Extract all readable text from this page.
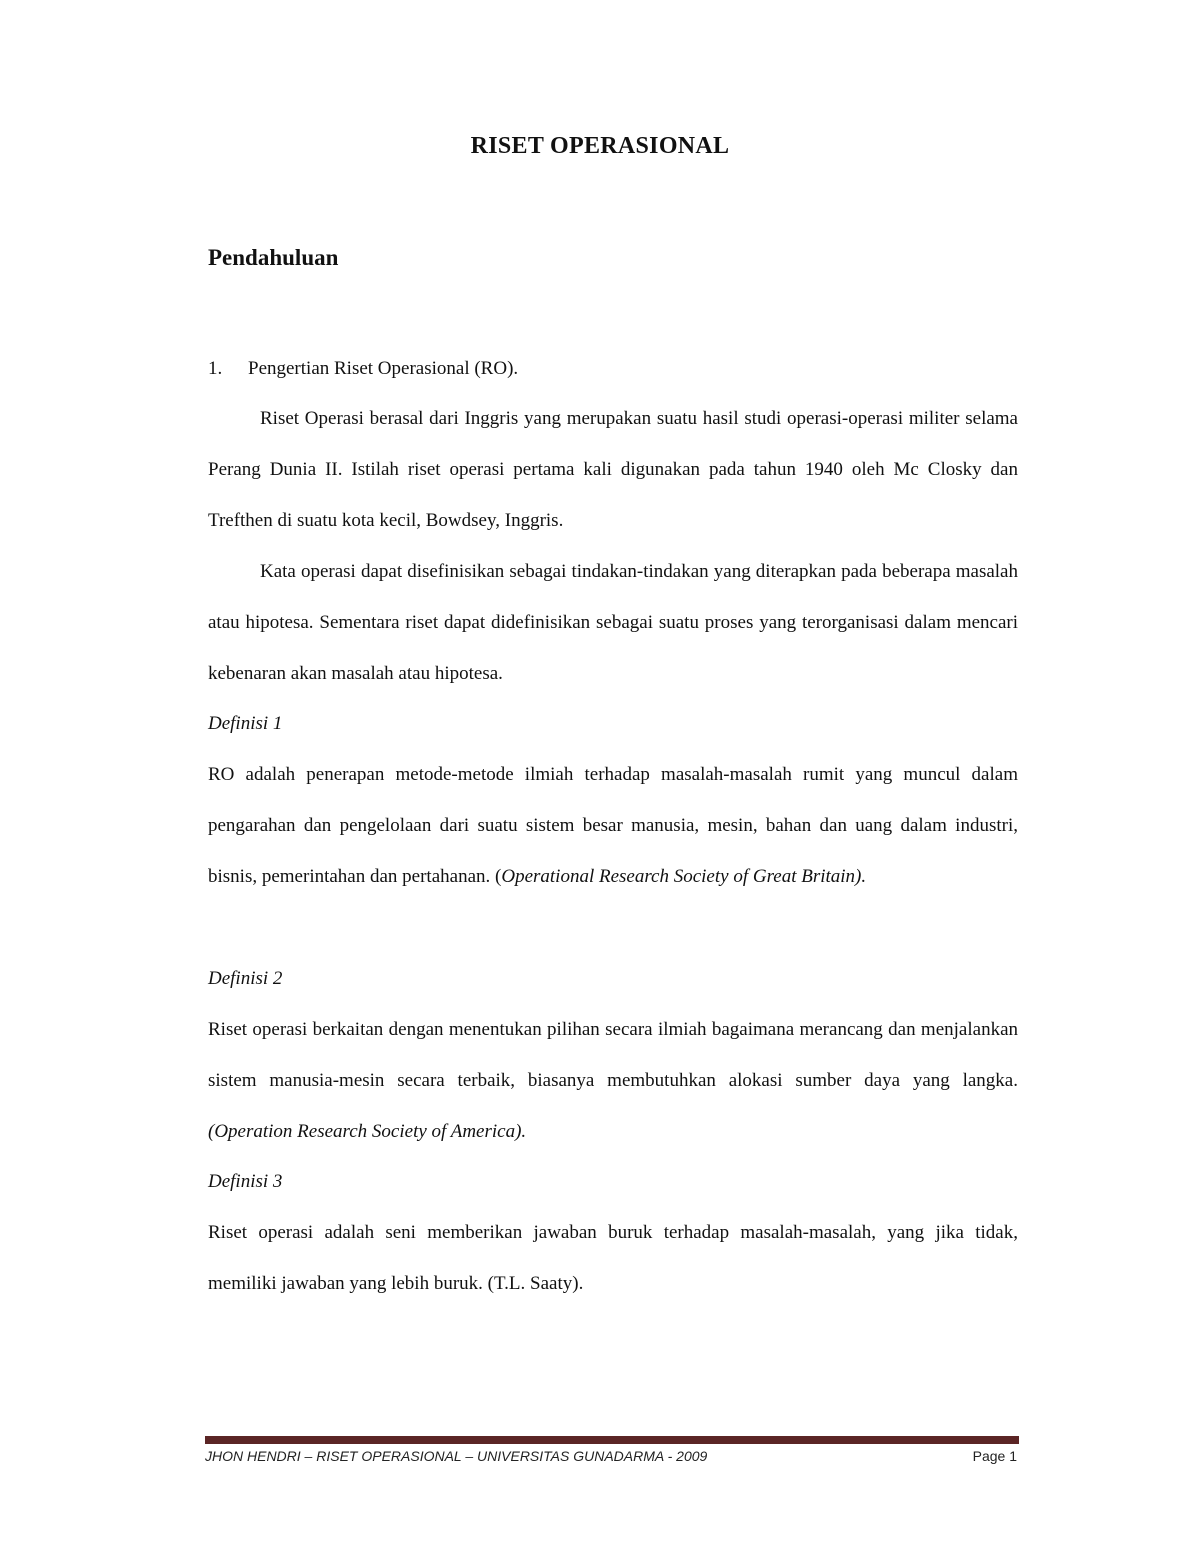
RISET OPERASIONAL
Pendahuluan
1. Pengertian Riset Operasional (RO).

Riset Operasi berasal dari Inggris yang merupakan suatu hasil studi operasi-operasi militer selama Perang Dunia II. Istilah riset operasi pertama kali digunakan pada tahun 1940 oleh Mc Closky dan Trefthen di suatu kota kecil, Bowdsey, Inggris.

Kata operasi dapat disefinisikan sebagai tindakan-tindakan yang diterapkan pada beberapa masalah atau hipotesa. Sementara riset dapat didefinisikan sebagai suatu proses yang terorganisasi dalam mencari kebenaran akan masalah atau hipotesa.

Definisi 1

RO adalah penerapan metode-metode ilmiah terhadap masalah-masalah rumit yang muncul dalam pengarahan dan pengelolaan dari suatu sistem besar manusia, mesin, bahan dan uang dalam industri, bisnis, pemerintahan dan pertahanan. (Operational Research Society of Great Britain).

Definisi 2

Riset operasi berkaitan dengan menentukan pilihan secara ilmiah bagaimana merancang dan menjalankan sistem manusia-mesin secara terbaik, biasanya membutuhkan alokasi sumber daya yang langka. (Operation Research Society of America).

Definisi 3

Riset operasi adalah seni memberikan jawaban buruk terhadap masalah-masalah, yang jika tidak, memiliki jawaban yang lebih buruk. (T.L. Saaty).

JHON HENDRI – RISET OPERASIONAL – UNIVERSITAS GUNADARMA - 2009	Page 1
